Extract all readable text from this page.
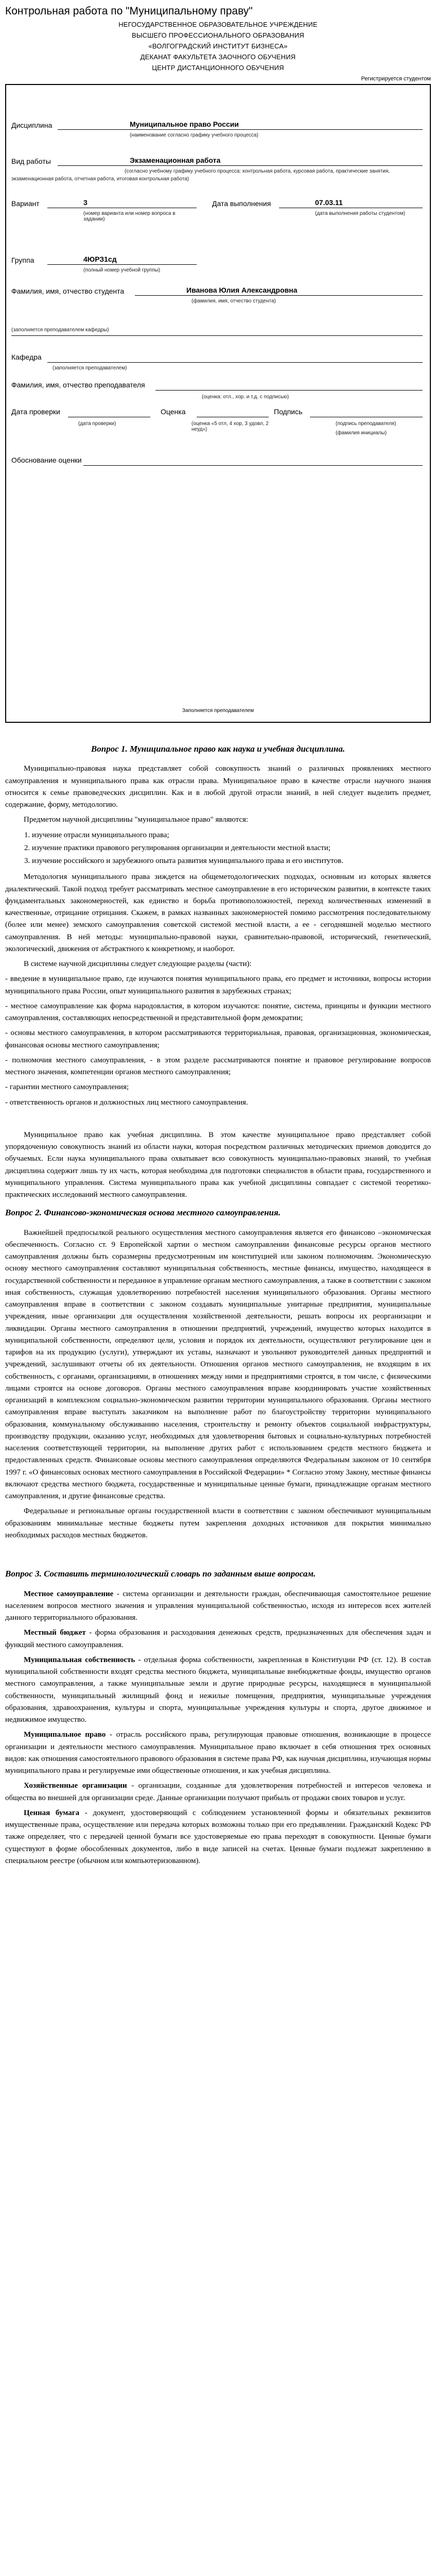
Контрольная работа по "Муниципальному праву"
НЕГОСУДАРСТВЕННОЕ ОБРАЗОВАТЕЛЬНОЕ УЧРЕЖДЕНИЕ
ВЫСШЕГО ПРОФЕССИОНАЛЬНОГО ОБРАЗОВАНИЯ
«ВОЛГОГРАДСКИЙ ИНСТИТУТ БИЗНЕСА»
ДЕКАНАТ ФАКУЛЬТЕТА ЗАОЧНОГО ОБУЧЕНИЯ
ЦЕНТР ДИСТАНЦИОННОГО ОБУЧЕНИЯ
Регистрируется студентом
Дисциплина	Муниципальное право России
(наименование согласно графику учебного процесса)
Вид работы	Экзаменационная работа
(согласно учебному графику учебного процесса: контрольная работа, курсовая работа, практические занятия,
экзаменационная работа, отчетная работа, итоговая контрольная работа)
Вариант	3
(номер варианта или номер вопроса в задании)
Дата выполнения	07.03.11
(дата выполнения работы студентом)
Группа	4ЮРЗ1сд
(полный номер учебной группы)
Фамилия, имя, отчество студента	Иванова Юлия Александровна
(фамилия, имя, отчество студента)
(заполняется преподавателем кафедры)
Кафедра
(заполняется преподавателем)
Фамилия, имя, отчество преподавателя
(оценка: отл., хор. и т.д. с подписью)
Дата проверки	Оценка	Подпись
(дата проверки)	(оценка «5 отл, 4 хор, 3 удовл, 2 неуд»)
(подпись преподавателя)
(фамилия инициалы)
Обоснование оценки
Заполняется преподавателем
Вопрос 1. Муниципальное право как наука и учебная дисциплина.

Муниципально-правовая наука представляет собой совокупность знаний о различных проявлениях местного самоуправления и муниципального права как отрасли права. Муниципальное право в качестве отрасли научного знания относится к семье правоведческих дисциплин. Как и в любой другой отрасли знаний, в ней следует выделить предмет, содержание, форму, методологию.

Предметом научной дисциплины "муниципальное право" являются:

1. изучение отрасли муниципального права;
2. изучение практики правового регулирования организации и деятельности местной власти;
3. изучение российского и зарубежного опыта развития муниципального права и его институтов.

Методология муниципального права зиждется на общеметодологических подходах, основным из которых является диалектический. Такой подход требует рассматривать местное самоуправление в его историческом развитии, в контексте таких фундаментальных закономерностей, как единство и борьба противоположностей, переход количественных изменений в качественные, отрицание отрицания. Скажем, в рамках названных закономерностей помимо рассмотрения последовательному (более или менее) земского самоуправления советской системой местной власти, а ее - сегодняшней моделью местного самоуправления. В ней методы: муниципально-правовой науки, сравнительно-правовой, исторический, генетический, экологический, движения от абстрактного к конкретному, и наоборот.

В системе научной дисциплины следует следующие разделы (части):

- введение в муниципальное право, где изучаются понятия муниципального права, его предмет и источники, вопросы истории муниципального права России, опыт муниципального развития в зарубежных странах;

- местное самоуправление как форма народовластия, в котором изучаются: понятие, система, принципы и функции местного самоуправления, составляющих непосредственной и представительной форм демократии;

- основы местного самоуправления, в котором рассматриваются территориальная, правовая, организационная, экономическая, финансовая основы местного самоуправления;

- полномочия местного самоуправления, - в этом разделе рассматриваются понятие и правовое регулирование вопросов местного значения, компетенции органов местного самоуправления;

- гарантии местного самоуправления;

- ответственность органов и должностных лиц местного самоуправления.

Муниципальное право как учебная дисциплина. В этом качестве муниципальное право представляет собой упорядоченную совокупность знаний из области науки, которая посредством различных методических приемов доводится до обучаемых. Если наука муниципального права охватывает всю совокупность муниципально-правовых знаний, то учебная дисциплина содержит лишь ту их часть, которая необходима для подготовки специалистов в области права, государственного и муниципального управления. Система муниципального права как учебной дисциплины совпадает с системой теоретико-практических исследований местного самоуправления.

Вопрос 2. Финансово-экономическая основа местного самоуправления.

Важнейшей предпосылкой реального осуществления местного самоуправления является его финансово –экономическая обеспеченность. Согласно ст. 9 Европейской хартии о местном самоуправлении финансовые ресурсы органов местного самоуправления должны быть соразмерны предусмотренным им конституцией или законом полномочиям. Экономическую основу местного самоуправления составляют муниципальная собственность, местные финансы, имущество, находящееся в государственной собственности и переданное в управление органам местного самоуправления, а также в соответствии с законом иная собственность, служащая удовлетворению потребностей населения муниципального образования. Органы местного самоуправления вправе в соответствии с законом создавать муниципальные унитарные предприятия, муниципальные учреждения, иные организации для осуществления хозяйственной деятельности, решать вопросы их реорганизации и ликвидации. Органы местного самоуправления в отношении предприятий, учреждений, имущество которых находится в муниципальной собственности, определяют цели, условия и порядок их деятельности, осуществляют регулирование цен и тарифов на их продукцию (услуги), утверждают их уставы, назначают и увольняют руководителей данных предприятий и учреждений, заслушивают отчеты об их деятельности. Отношения органов местного самоуправления, не входящим в их собственность, с органами, организациями, в отношениях между ними и предприятиями строятся, в том числе, с физическими лицами строятся на основе договоров. Органы местного самоуправления вправе координировать участие хозяйственных организаций в комплексном социально-экономическом развитии территории муниципального образования. Органы местного самоуправления вправе выступать заказчиком на выполнение работ по благоустройству территории муниципального образования, коммунальному обслуживанию населения, строительству и ремонту объектов социальной инфраструктуры, производству продукции, оказанию услуг, необходимых для удовлетворения бытовых и социально-культурных потребностей населения соответствующей территории, на выполнение других работ с использованием средств местного бюджета и предоставленных средств. Финансовые основы местного самоуправления определяются Федеральным законом от 10 сентября 1997 г. «О финансовых основах местного самоуправления в Российской Федерации» * Согласно этому Закону, местные финансы включают средства местного бюджета, государственные и муниципальные ценные бумаги, принадлежащие органам местного самоуправления, и другие финансовые средства.

Федеральные и региональные органы государственной власти в соответствии с законом обеспечивают муниципальным образованиям минимальные местные бюджеты путем закрепления доходных источников для покрытия минимально необходимых расходов местных бюджетов.

Вопрос 3. Составить терминологический словарь по заданным выше вопросам.

Местное самоуправление - система организации и деятельности граждан, обеспечивающая самостоятельное решение населением вопросов местного значения и управления муниципальной собственностью, исходя из интересов всех жителей данного территориального образования.

Местный бюджет - форма образования и расходования денежных средств, предназначенных для обеспечения задач и функций местного самоуправления.

Муниципальная собственность - отдельная форма собственности, закрепленная в Конституции РФ (ст. 12). В состав муниципальной собственности входят средства местного бюджета, муниципальные внебюджетные фонды, имущество органов местного самоуправления, а также муниципальные земли и другие природные ресурсы, находящиеся в муниципальной собственности, муниципальный жилищный фонд и нежилые помещения, предприятия, муниципальные учреждения образования, здравоохранения, культуры и спорта, муниципальные учреждения культуры и спорта, другое движимое и недвижимое имущество.

Муниципальное право - отрасль российского права, регулирующая правовые отношения, возникающие в процессе организации и деятельности местного самоуправления. Муниципальное право включает в себя отношения трех основных видов: как отношения самостоятельного правового образования в системе права РФ, как научная дисциплина, изучающая нормы муниципального права и регулируемые ими общественные отношения, и как учебная дисциплина.

Хозяйственные организации - организации, созданные для удовлетворения потребностей и интересов человека и общества во внешней для организации среде. Данные организации получают прибыль от продажи своих товаров и услуг.

Ценная бумага - документ, удостоверяющий с соблюдением установленной формы и обязательных реквизитов имущественные права, осуществление или передача которых возможны только при его предъявлении. Гражданский Кодекс РФ также определяет, что с передачей ценной бумаги все удостоверяемые ею права переходят в совокупности. Ценные бумаги существуют в форме обособленных документов, либо в виде записей на счетах. Ценные бумаги подлежат закреплению в специальном реестре (обычном или компьютеризованном).
